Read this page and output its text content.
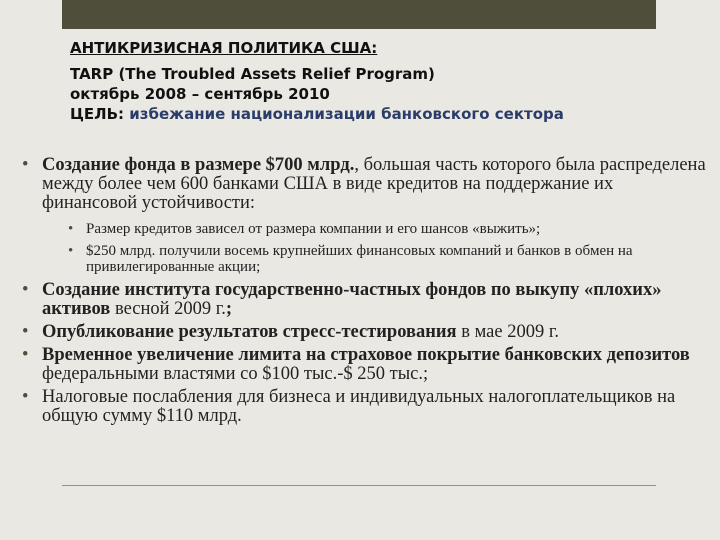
АНТИКРИЗИСНАЯ ПОЛИТИКА США:
TARP (The Troubled Assets Relief Program)
октябрь 2008 – сентябрь 2010
ЦЕЛЬ: избежание национализации банковского сектора
• Создание фонда в размере $700 млрд., большая часть которого была распределена между более чем 600 банками США в виде кредитов на поддержание их финансовой устойчивости:
• Размер кредитов зависел от размера компании и его шансов «выжить»;
• $250 млрд. получили восемь крупнейших финансовых компаний и банков в обмен на привилегированные акции;
• Создание института государственно-частных фондов по выкупу «плохих» активов весной 2009 г.;
• Опубликование результатов стресс-тестирования в мае 2009 г.
• Временное увеличение лимита на страховое покрытие банковских депозитов федеральными властями со $100 тыс.-$ 250 тыс.;
• Налоговые послабления для бизнеса и индивидуальных налогоплательщиков на общую сумму $110 млрд.
